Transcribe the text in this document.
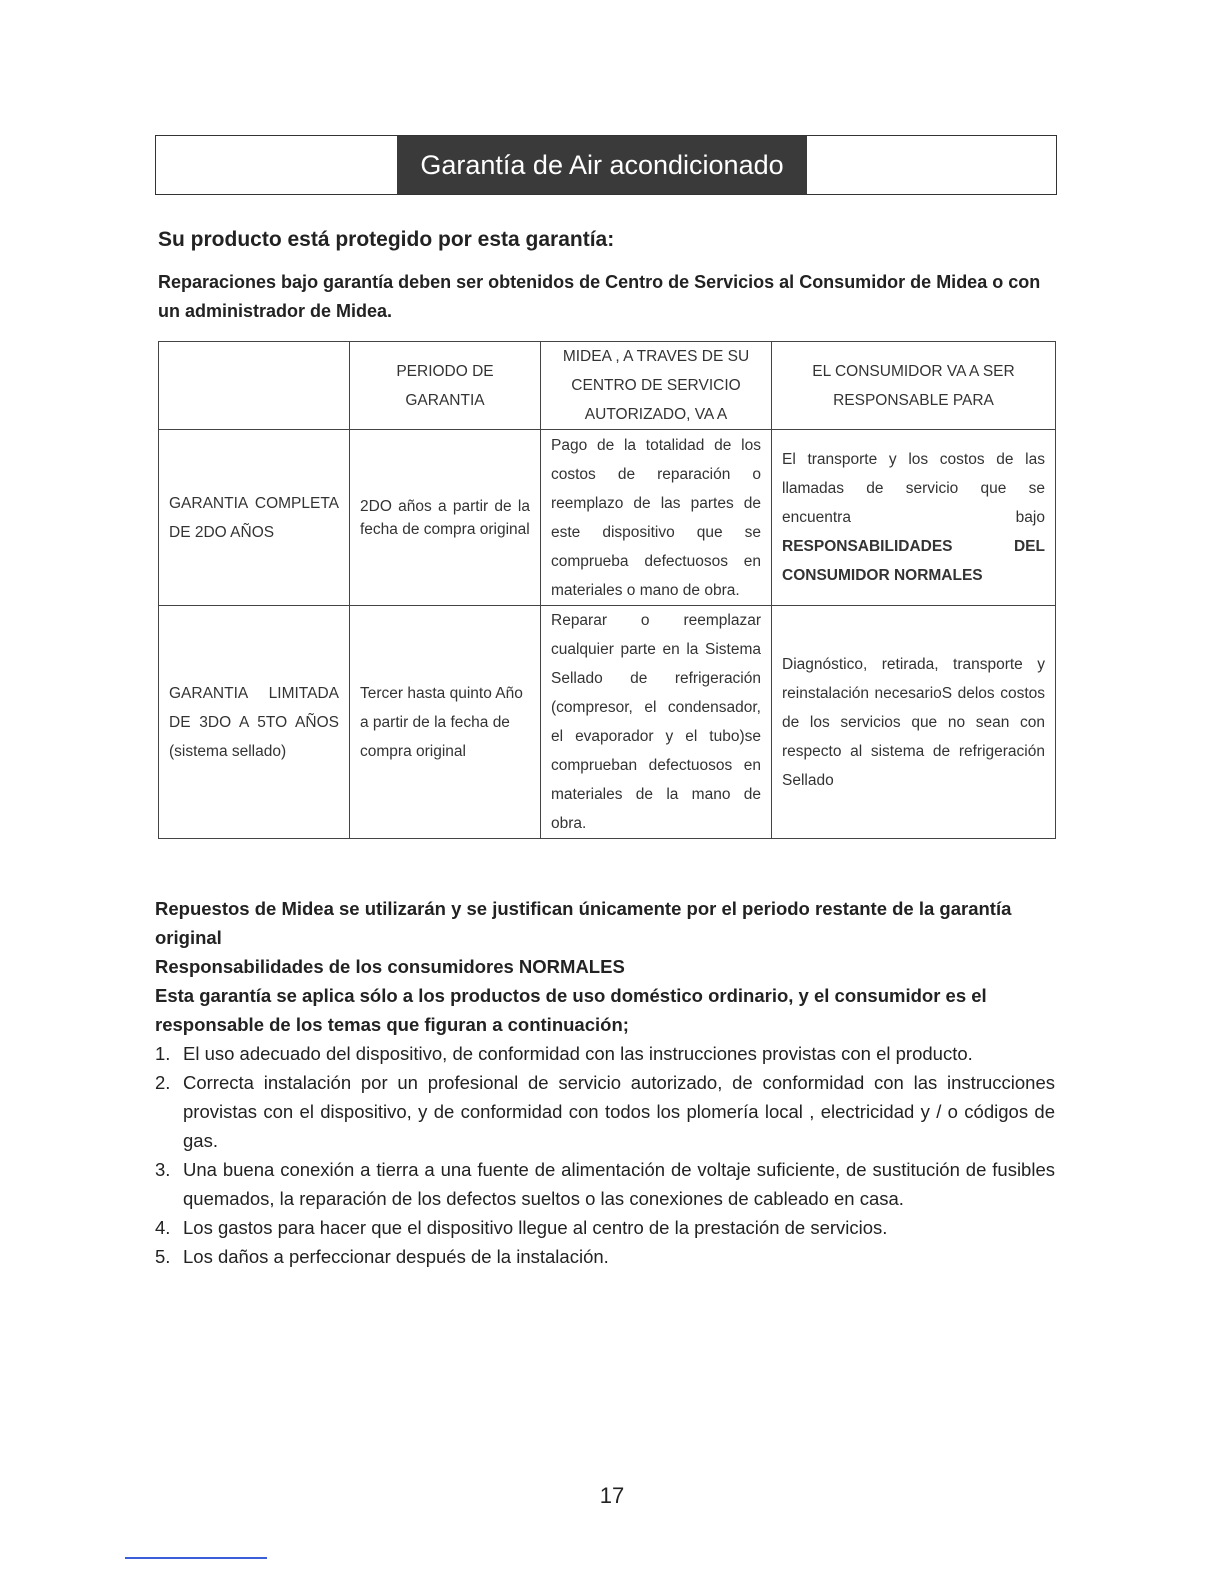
Garantía de Air acondicionado
Su producto está protegido por esta garantía:
Reparaciones bajo garantía deben ser obtenidos de Centro de Servicios al Consumidor de Midea o con un administrador de Midea.
	PERIODO DE GARANTIA	MIDEA , A TRAVES DE SU CENTRO DE SERVICIO AUTORIZADO, VA A	EL CONSUMIDOR VA A SER RESPONSABLE PARA
GARANTIA COMPLETA DE 2DO AÑOS	2DO años a partir de la fecha de compra original	Pago de la totalidad de los costos de reparación o reemplazo de las partes de este dispositivo que se comprueba defectuosos en materiales o mano de obra.	El transporte y los costos de las llamadas de servicio que se encuentra bajo RESPONSABILIDADES DEL CONSUMIDOR NORMALES
GARANTIA LIMITADA DE 3DO A 5TO AÑOS (sistema sellado)	Tercer hasta quinto Año a partir de la fecha de compra original	Reparar o reemplazar cualquier parte en la Sistema Sellado de refrigeración (compresor, el condensador, el evaporador y el tubo)se comprueban defectuosos en materiales de la mano de obra.	Diagnóstico, retirada, transporte y reinstalación necesarioS delos costos de los servicios que no sean con respecto al sistema de refrigeración Sellado

Repuestos de Midea se utilizarán y se justifican únicamente por el periodo restante de la garantía original

Responsabilidades de los consumidores NORMALES

Esta garantía se aplica sólo a los productos de uso doméstico ordinario, y el consumidor es el responsable de los temas que figuran a continuación;

1. El uso adecuado del dispositivo, de conformidad con las instrucciones provistas con el producto.
2. Correcta instalación por un profesional de servicio autorizado, de conformidad con las instrucciones provistas con el dispositivo, y de conformidad con todos los plomería local , electricidad y / o códigos de gas.
3. Una buena conexión a tierra a una fuente de alimentación de voltaje suficiente, de sustitución de fusibles quemados, la reparación de los defectos sueltos o las conexiones de cableado en casa.
4. Los gastos para hacer que el dispositivo llegue al centro de la prestación de servicios.
5. Los daños a perfeccionar después de la instalación.
17
